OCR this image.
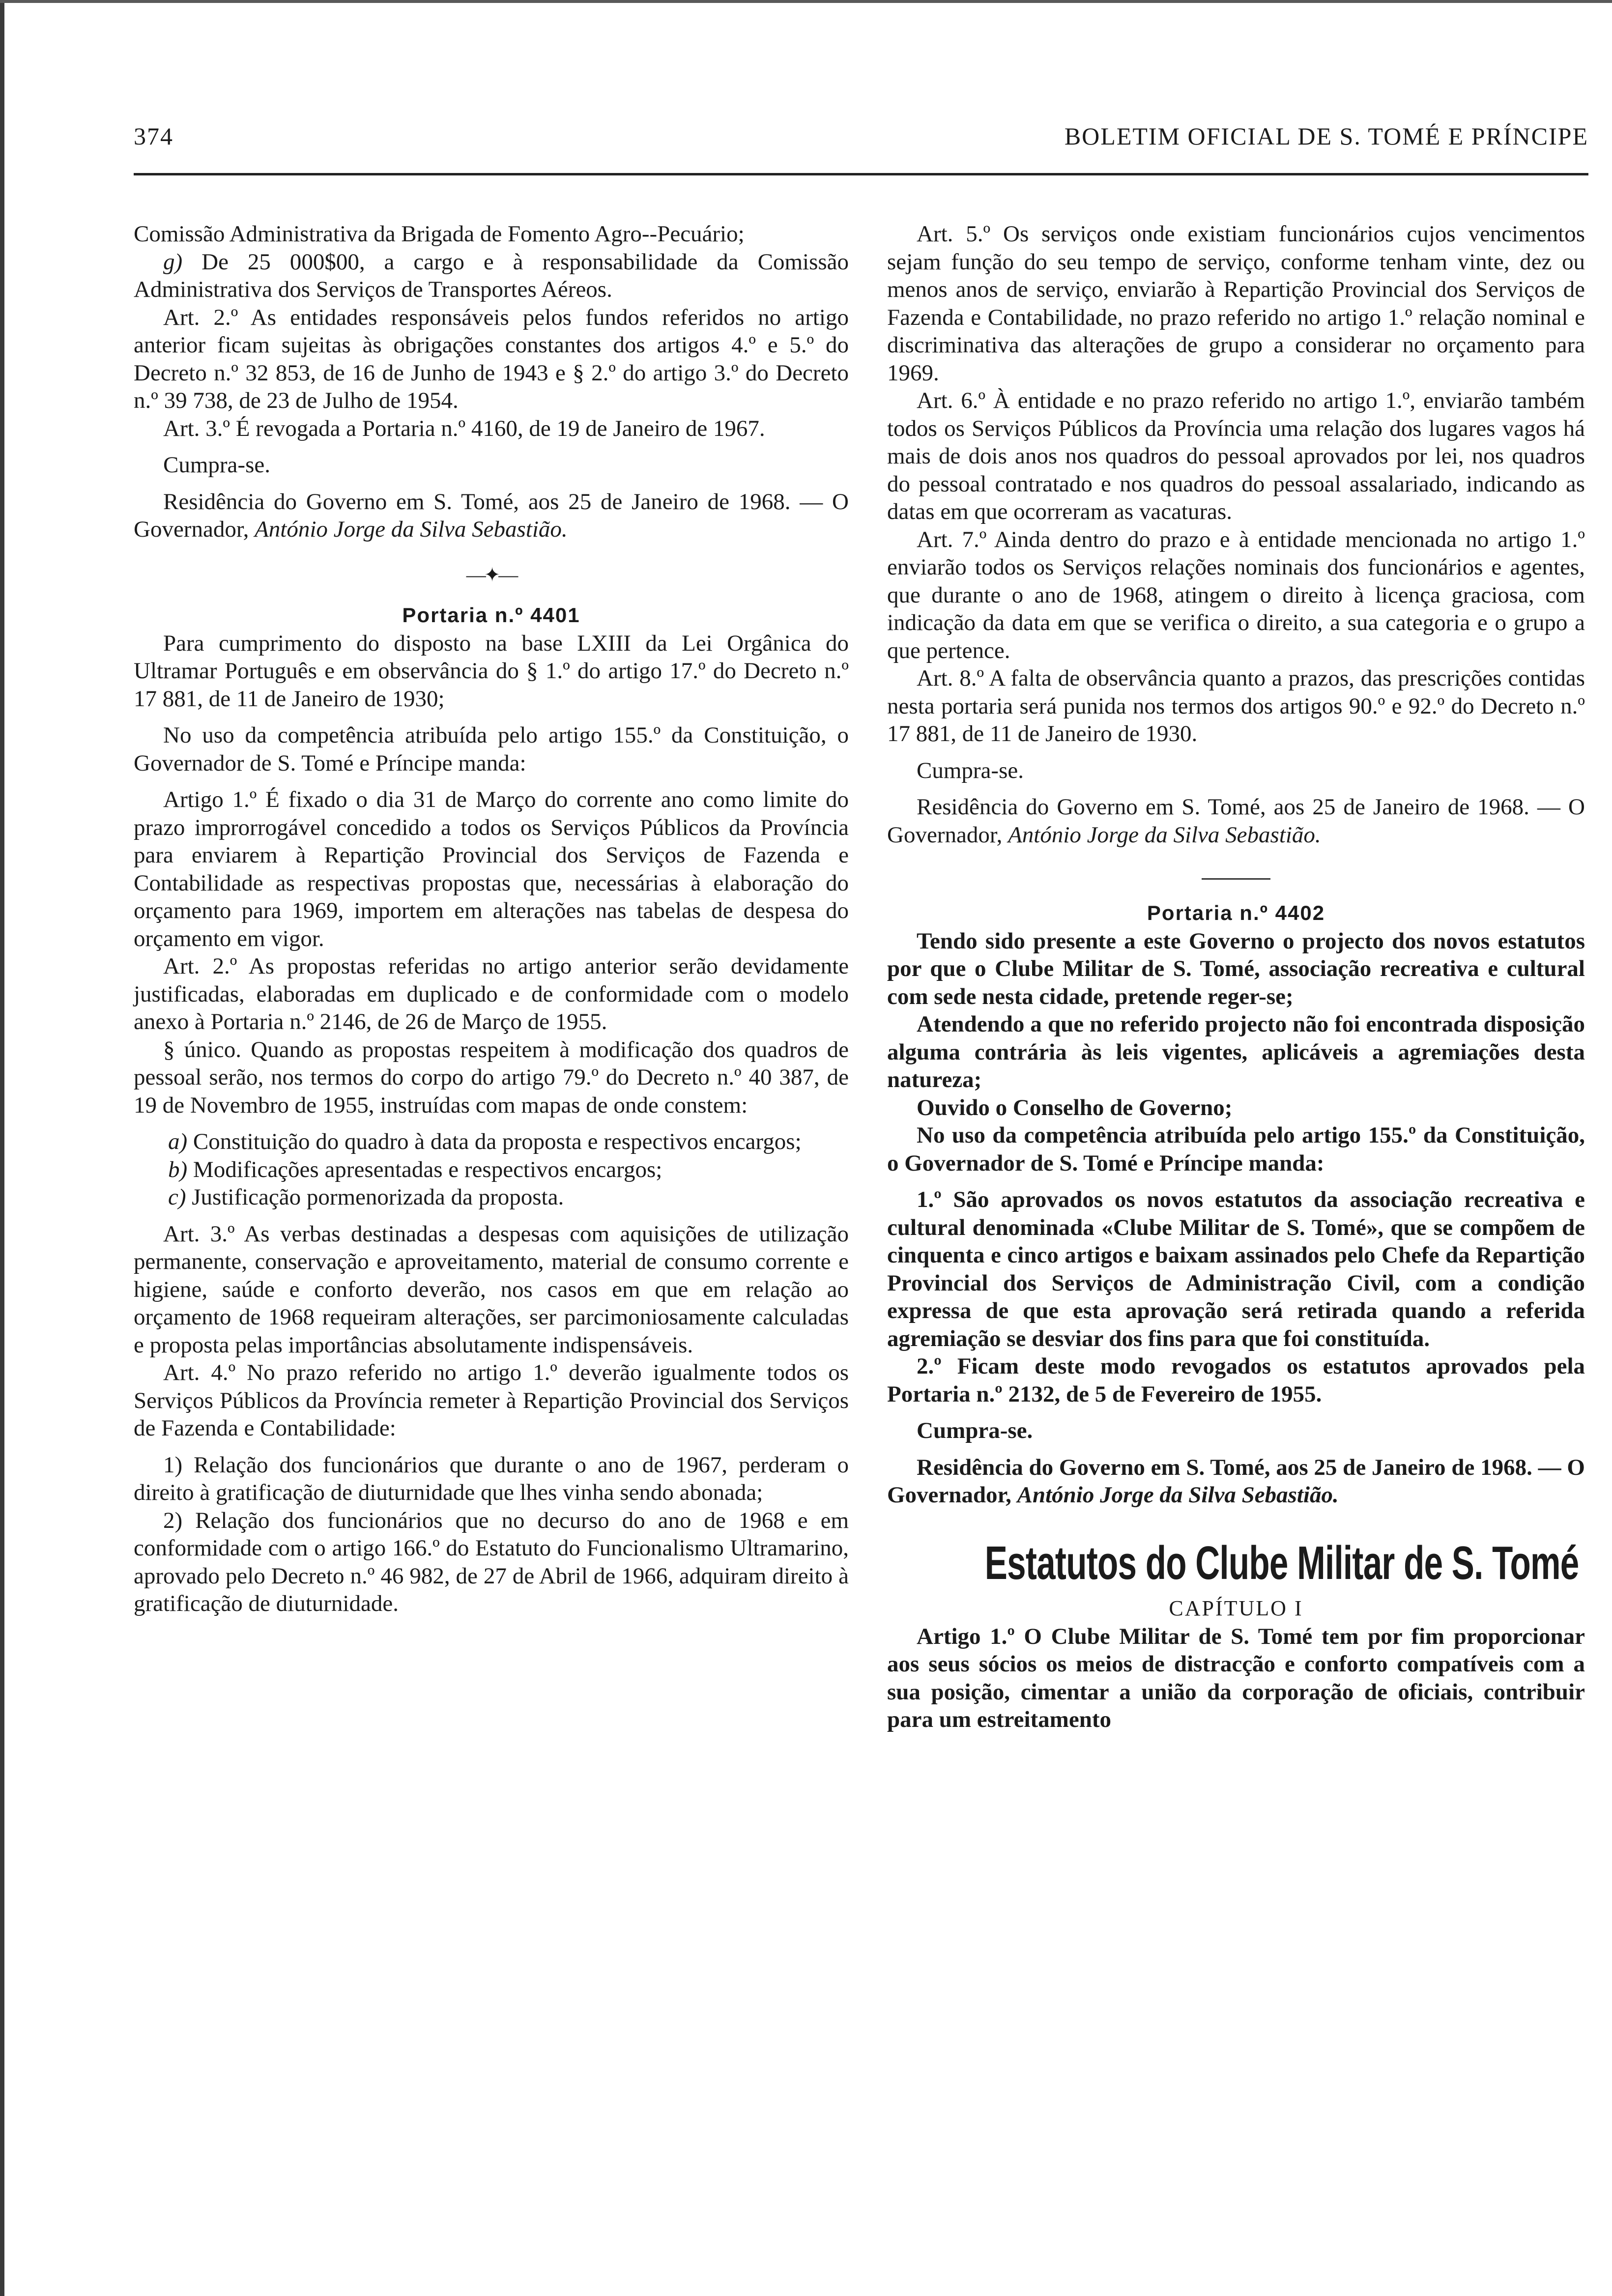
374	BOLETIM OFICIAL DE S. TOMÉ E PRÍNCIPE

Comissão Administrativa da Brigada de Fomento Agro--Pecuário;

g) De 25 000$00, a cargo e à responsabilidade da Comissão Administrativa dos Serviços de Transportes Aéreos.

Art. 2.º As entidades responsáveis pelos fundos referidos no artigo anterior ficam sujeitas às obrigações constantes dos artigos 4.º e 5.º do Decreto n.º 32 853, de 16 de Junho de 1943 e § 2.º do artigo 3.º do Decreto n.º 39 738, de 23 de Julho de 1954.

Art. 3.º É revogada a Portaria n.º 4160, de 19 de Janeiro de 1967.

Cumpra-se.

Residência do Governo em S. Tomé, aos 25 de Janeiro de 1968. — O Governador, António Jorge da Silva Sebastião.

—✦—

Portaria n.º 4401

Para cumprimento do disposto na base LXIII da Lei Orgânica do Ultramar Português e em observância do § 1.º do artigo 17.º do Decreto n.º 17 881, de 11 de Janeiro de 1930;

No uso da competência atribuída pelo artigo 155.º da Constituição, o Governador de S. Tomé e Príncipe manda:

Artigo 1.º É fixado o dia 31 de Março do corrente ano como limite do prazo improrrogável concedido a todos os Serviços Públicos da Província para enviarem à Repartição Provincial dos Serviços de Fazenda e Contabilidade as respectivas propostas que, necessárias à elaboração do orçamento para 1969, importem em alterações nas tabelas de despesa do orçamento em vigor.

Art. 2.º As propostas referidas no artigo anterior serão devidamente justificadas, elaboradas em duplicado e de conformidade com o modelo anexo à Portaria n.º 2146, de 26 de Março de 1955.

§ único. Quando as propostas respeitem à modificação dos quadros de pessoal serão, nos termos do corpo do artigo 79.º do Decreto n.º 40 387, de 19 de Novembro de 1955, instruídas com mapas de onde constem:

a) Constituição do quadro à data da proposta e respectivos encargos;

b) Modificações apresentadas e respectivos encargos;

c) Justificação pormenorizada da proposta.

Art. 3.º As verbas destinadas a despesas com aquisições de utilização permanente, conservação e aproveitamento, material de consumo corrente e higiene, saúde e conforto deverão, nos casos em que em relação ao orçamento de 1968 requeiram alterações, ser parcimoniosamente calculadas e proposta pelas importâncias absolutamente indispensáveis.

Art. 4.º No prazo referido no artigo 1.º deverão igualmente todos os Serviços Públicos da Província remeter à Repartição Provincial dos Serviços de Fazenda e Contabilidade:

1) Relação dos funcionários que durante o ano de 1967, perderam o direito à gratificação de diuturnidade que lhes vinha sendo abonada;

2) Relação dos funcionários que no decurso do ano de 1968 e em conformidade com o artigo 166.º do Estatuto do Funcionalismo Ultramarino, aprovado pelo Decreto n.º 46 982, de 27 de Abril de 1966, adquiram direito à gratificação de diuturnidade.

Art. 5.º Os serviços onde existiam funcionários cujos vencimentos sejam função do seu tempo de serviço, conforme tenham vinte, dez ou menos anos de serviço, enviarão à Repartição Provincial dos Serviços de Fazenda e Contabilidade, no prazo referido no artigo 1.º relação nominal e discriminativa das alterações de grupo a considerar no orçamento para 1969.

Art. 6.º À entidade e no prazo referido no artigo 1.º, enviarão também todos os Serviços Públicos da Província uma relação dos lugares vagos há mais de dois anos nos quadros do pessoal aprovados por lei, nos quadros do pessoal contratado e nos quadros do pessoal assalariado, indicando as datas em que ocorreram as vacaturas.

Art. 7.º Ainda dentro do prazo e à entidade mencionada no artigo 1.º enviarão todos os Serviços relações nominais dos funcionários e agentes, que durante o ano de 1968, atingem o direito à licença graciosa, com indicação da data em que se verifica o direito, a sua categoria e o grupo a que pertence.

Art. 8.º A falta de observância quanto a prazos, das prescrições contidas nesta portaria será punida nos termos dos artigos 90.º e 92.º do Decreto n.º 17 881, de 11 de Janeiro de 1930.

Cumpra-se.

Residência do Governo em S. Tomé, aos 25 de Janeiro de 1968. — O Governador, António Jorge da Silva Sebastião.

Portaria n.º 4402

Tendo sido presente a este Governo o projecto dos novos estatutos por que o Clube Militar de S. Tomé, associação recreativa e cultural com sede nesta cidade, pretende reger-se;

Atendendo a que no referido projecto não foi encontrada disposição alguma contrária às leis vigentes, aplicáveis a agremiações desta natureza;

Ouvido o Conselho de Governo;

No uso da competência atribuída pelo artigo 155.º da Constituição, o Governador de S. Tomé e Príncipe manda:

1.º São aprovados os novos estatutos da associação recreativa e cultural denominada «Clube Militar de S. Tomé», que se compõem de cinquenta e cinco artigos e baixam assinados pelo Chefe da Repartição Provincial dos Serviços de Administração Civil, com a condição expressa de que esta aprovação será retirada quando a referida agremiação se desviar dos fins para que foi constituída.

2.º Ficam deste modo revogados os estatutos aprovados pela Portaria n.º 2132, de 5 de Fevereiro de 1955.

Cumpra-se.

Residência do Governo em S. Tomé, aos 25 de Janeiro de 1968. — O Governador, António Jorge da Silva Sebastião.

Estatutos do Clube Militar de S. Tomé

CAPÍTULO I

Artigo 1.º O Clube Militar de S. Tomé tem por fim proporcionar aos seus sócios os meios de distracção e conforto compatíveis com a sua posição, cimentar a união da corporação de oficiais, contribuir para um estreitamento
